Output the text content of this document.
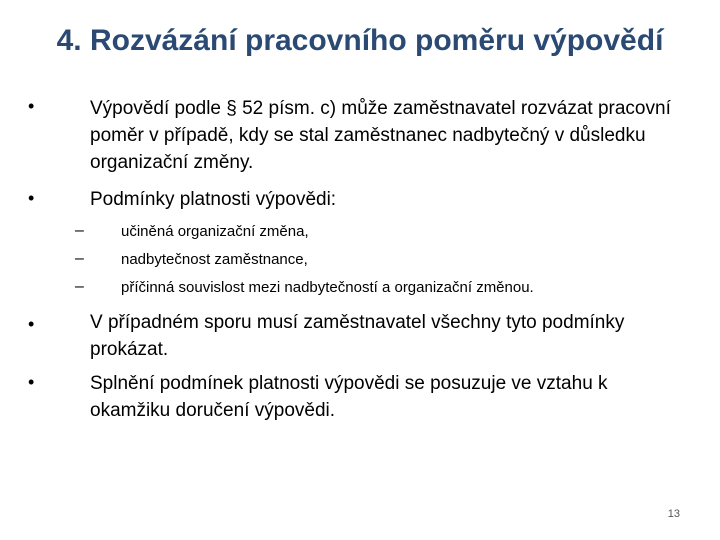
4. Rozvázání pracovního poměru výpovědí
•	Výpovědí podle § 52 písm. c) může zaměstnavatel rozvázat pracovní poměr v případě, kdy se stal zaměstnanec nadbytečný v důsledku organizační změny.
•	Podmínky platnosti výpovědi:
–	učiněná organizační změna,
–	nadbytečnost zaměstnance,
–	příčinná souvislost mezi nadbytečností a organizační změnou.
•	V případném sporu musí zaměstnavatel všechny tyto podmínky prokázat.
•	Splnění podmínek platnosti výpovědi se posuzuje ve vztahu k okamžiku doručení výpovědi.
13
